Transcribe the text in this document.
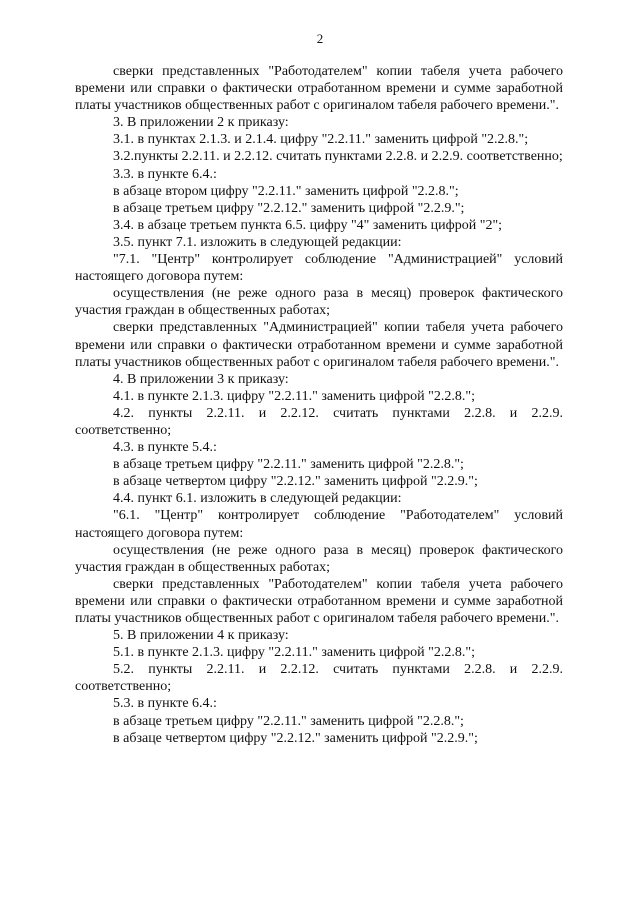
2

сверки представленных "Работодателем" копии табеля учета рабочего времени или справки о фактически отработанном времени и сумме заработной платы участников общественных работ с оригиналом табеля рабочего времени.".

3. В приложении 2 к приказу:

3.1. в пунктах 2.1.3. и 2.1.4. цифру "2.2.11." заменить цифрой "2.2.8.";

3.2.пункты 2.2.11. и 2.2.12. считать пунктами 2.2.8. и 2.2.9. соответственно;

3.3. в пункте 6.4.:

в абзаце втором цифру "2.2.11." заменить цифрой "2.2.8.";

в абзаце третьем цифру "2.2.12." заменить цифрой "2.2.9.";

3.4. в абзаце третьем пункта 6.5. цифру "4" заменить цифрой "2";

3.5. пункт 7.1. изложить в следующей редакции:

"7.1. "Центр" контролирует соблюдение "Администрацией" условий настоящего договора путем:

осуществления (не реже одного раза в месяц) проверок фактического участия граждан в общественных работах;

сверки представленных "Администрацией" копии табеля учета рабочего времени или справки о фактически отработанном времени и сумме заработной платы участников общественных работ с оригиналом табеля рабочего времени.".

4. В приложении 3 к приказу:

4.1. в пункте 2.1.3. цифру "2.2.11." заменить цифрой "2.2.8.";

4.2. пункты 2.2.11. и 2.2.12. считать пунктами 2.2.8. и 2.2.9. соответственно;

4.3. в пункте 5.4.:

в абзаце третьем цифру "2.2.11." заменить цифрой "2.2.8.";

в абзаце четвертом цифру "2.2.12." заменить цифрой "2.2.9.";

4.4. пункт 6.1. изложить в следующей редакции:

"6.1. "Центр" контролирует соблюдение "Работодателем" условий настоящего договора путем:

осуществления (не реже одного раза в месяц) проверок фактического участия граждан в общественных работах;

сверки представленных "Работодателем" копии табеля учета рабочего времени или справки о фактически отработанном времени и сумме заработной платы участников общественных работ с оригиналом табеля рабочего времени.".

5. В приложении 4 к приказу:

5.1. в пункте 2.1.3. цифру "2.2.11." заменить цифрой "2.2.8.";

5.2. пункты 2.2.11. и 2.2.12. считать пунктами 2.2.8. и 2.2.9. соответственно;

5.3. в пункте 6.4.:

в абзаце третьем цифру "2.2.11." заменить цифрой "2.2.8.";

в абзаце четвертом цифру "2.2.12." заменить цифрой "2.2.9.";
